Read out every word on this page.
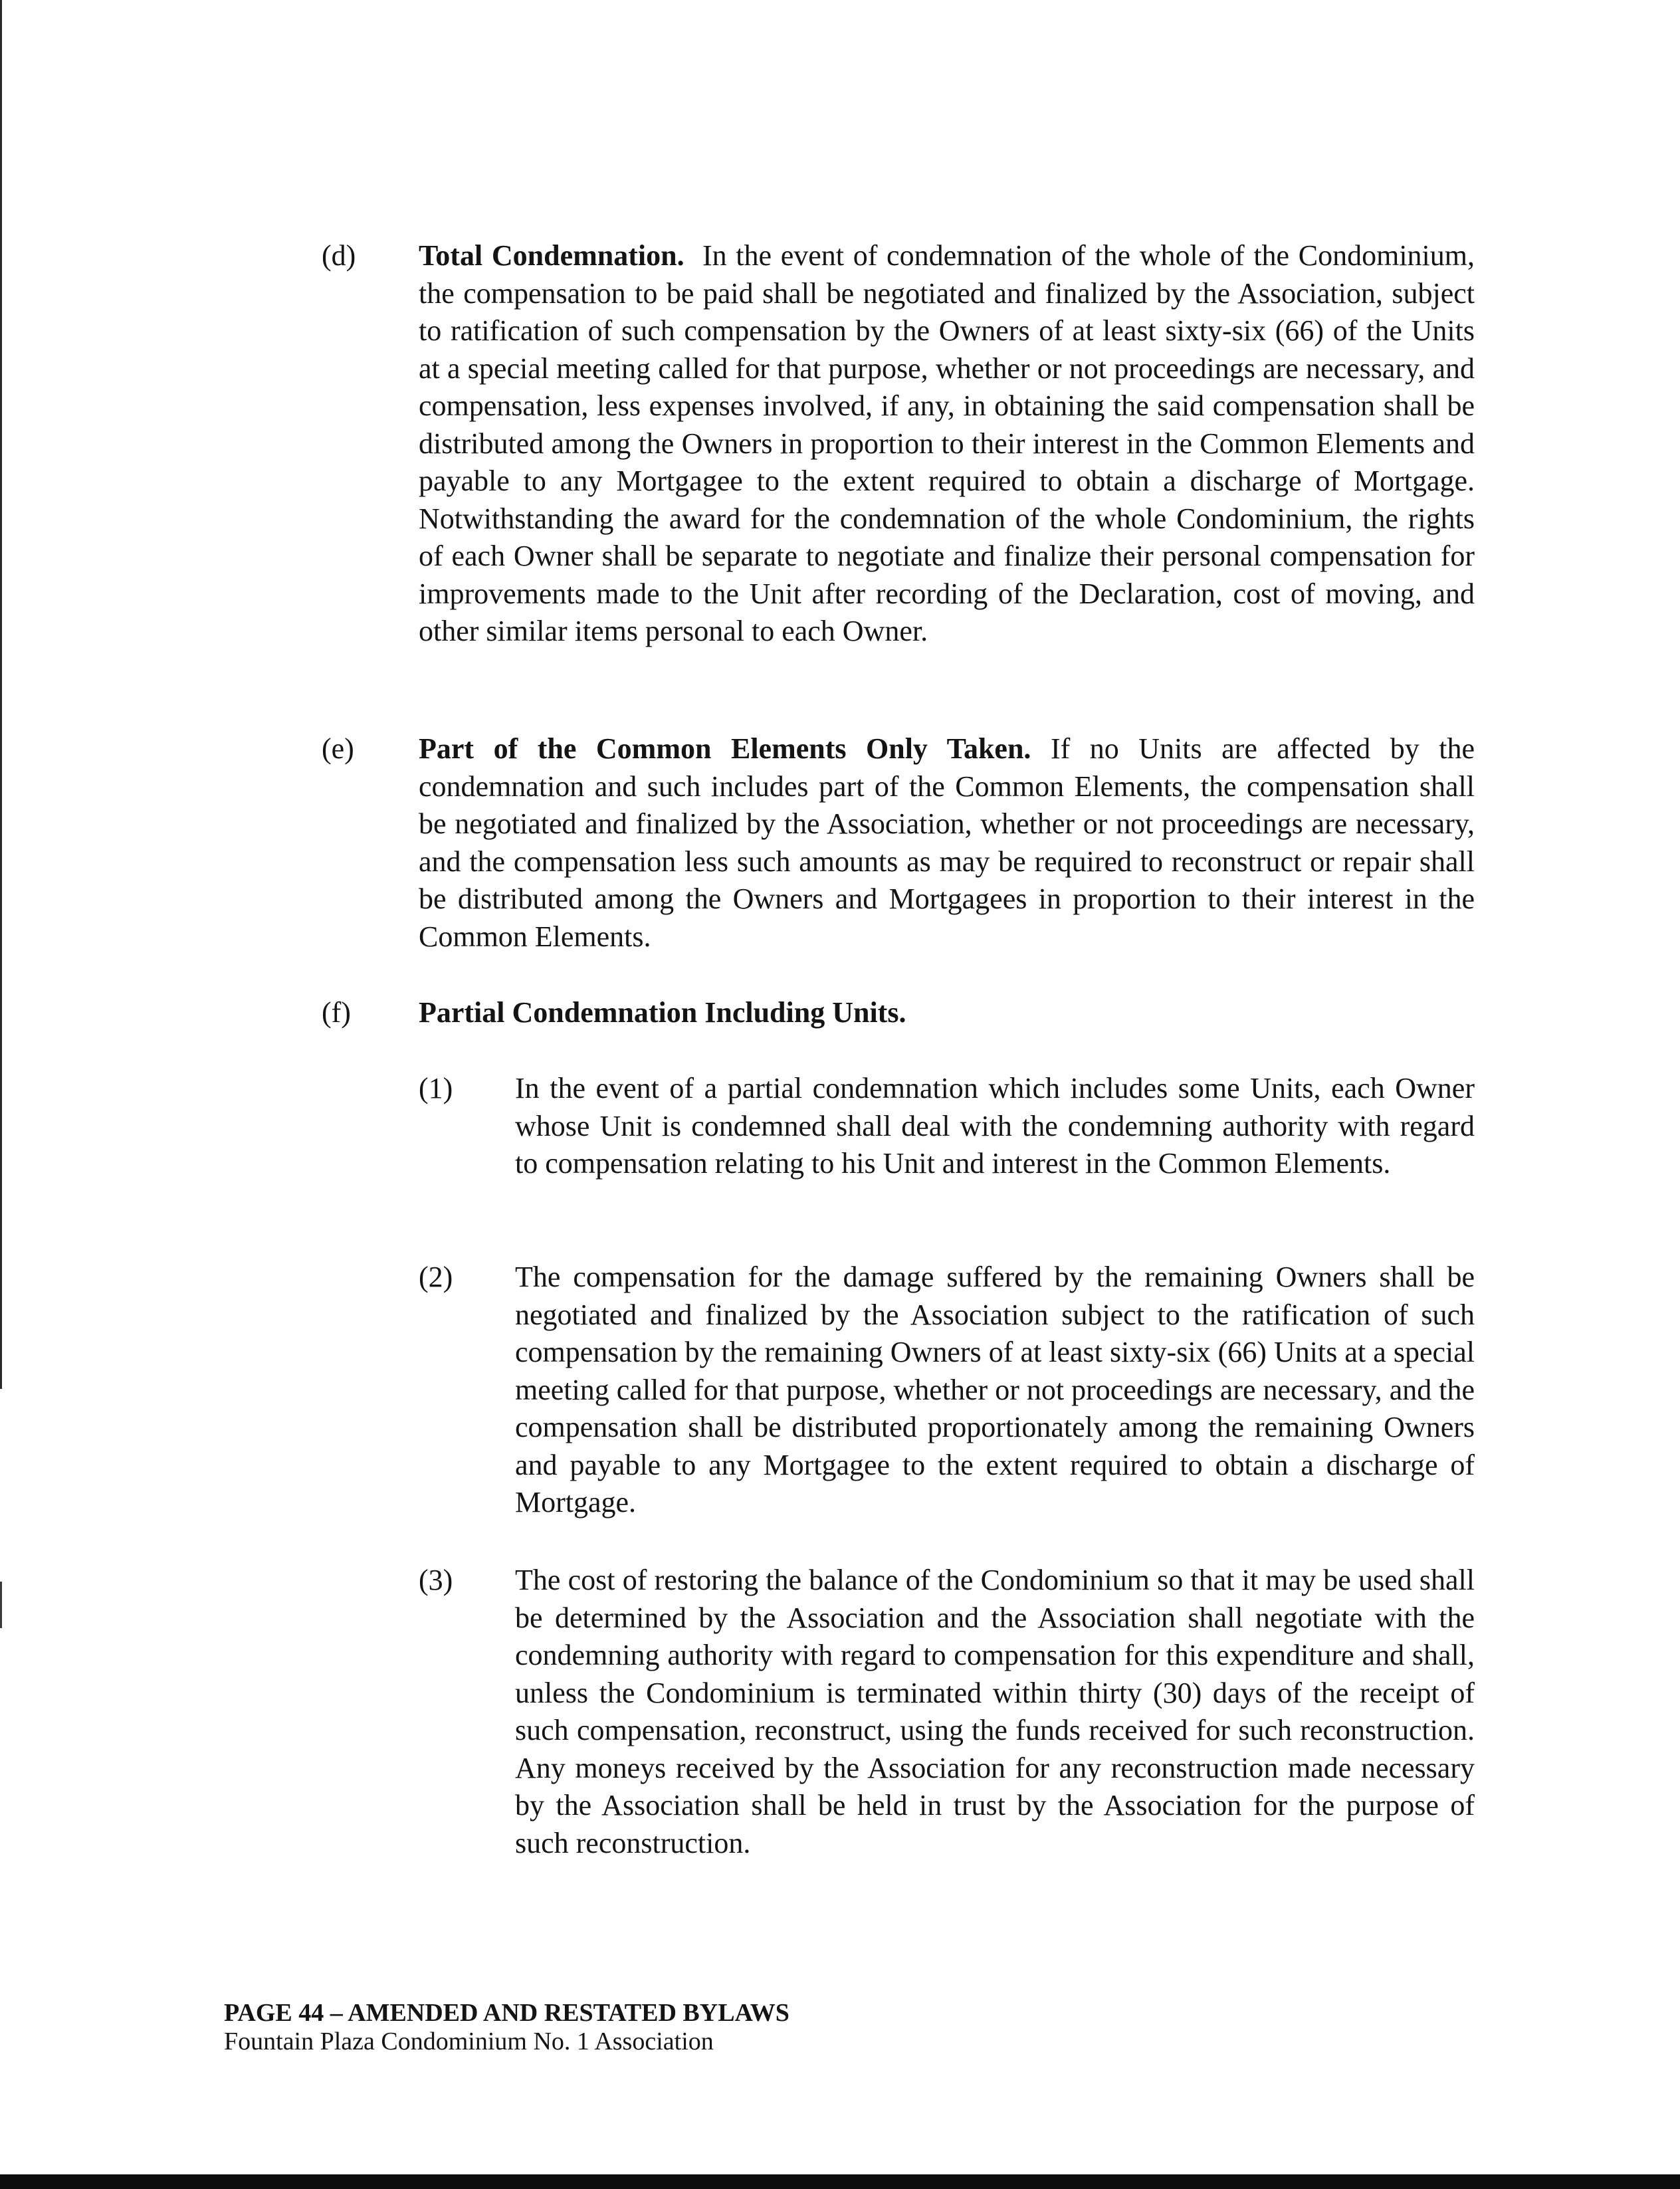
(d) Total Condemnation. In the event of condemnation of the whole of the Condominium, the compensation to be paid shall be negotiated and finalized by the Association, subject to ratification of such compensation by the Owners of at least sixty-six (66) of the Units at a special meeting called for that purpose, whether or not proceedings are necessary, and compensation, less expenses involved, if any, in obtaining the said compensation shall be distributed among the Owners in proportion to their interest in the Common Elements and payable to any Mortgagee to the extent required to obtain a discharge of Mortgage. Notwithstanding the award for the condemnation of the whole Condominium, the rights of each Owner shall be separate to negotiate and finalize their personal compensation for improvements made to the Unit after recording of the Declaration, cost of moving, and other similar items personal to each Owner.
(e) Part of the Common Elements Only Taken. If no Units are affected by the condemnation and such includes part of the Common Elements, the compensation shall be negotiated and finalized by the Association, whether or not proceedings are necessary, and the compensation less such amounts as may be required to reconstruct or repair shall be distributed among the Owners and Mortgagees in proportion to their interest in the Common Elements.
(f) Partial Condemnation Including Units.
(1) In the event of a partial condemnation which includes some Units, each Owner whose Unit is condemned shall deal with the condemning authority with regard to compensation relating to his Unit and interest in the Common Elements.
(2) The compensation for the damage suffered by the remaining Owners shall be negotiated and finalized by the Association subject to the ratification of such compensation by the remaining Owners of at least sixty-six (66) Units at a special meeting called for that purpose, whether or not proceedings are necessary, and the compensation shall be distributed proportionately among the remaining Owners and payable to any Mortgagee to the extent required to obtain a discharge of Mortgage.
(3) The cost of restoring the balance of the Condominium so that it may be used shall be determined by the Association and the Association shall negotiate with the condemning authority with regard to compensation for this expenditure and shall, unless the Condominium is terminated within thirty (30) days of the receipt of such compensation, reconstruct, using the funds received for such reconstruction. Any moneys received by the Association for any reconstruction made necessary by the Association shall be held in trust by the Association for the purpose of such reconstruction.
PAGE 44 – AMENDED AND RESTATED BYLAWS
Fountain Plaza Condominium No. 1 Association
